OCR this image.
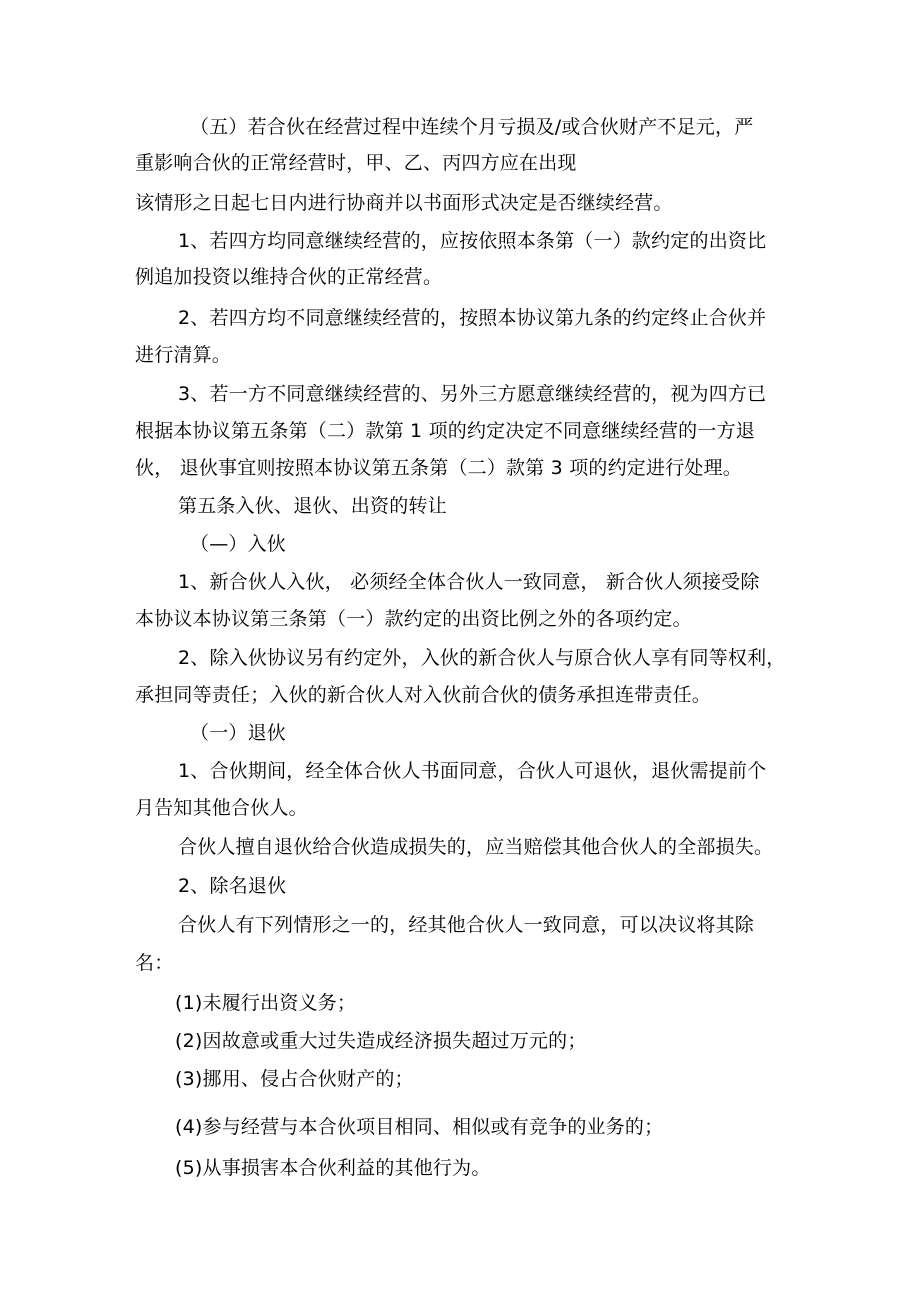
（五）若合伙在经营过程中连续个月亏损及/或合伙财产不足元，严
重影响合伙的正常经营时，甲、乙、丙四方应在出现
该情形之日起七日内进行协商并以书面形式决定是否继续经营。
1、若四方均同意继续经营的，应按依照本条第（一）款约定的出资比
例追加投资以维持合伙的正常经营。
2、若四方均不同意继续经营的，按照本协议第九条的约定终止合伙并
进行清算。
3、若一方不同意继续经营的、另外三方愿意继续经营的，视为四方已
根据本协议第五条第（二）款第 1 项的约定决定不同意继续经营的一方退
伙， 退伙事宜则按照本协议第五条第（二）款第 3 项的约定进行处理。
第五条入伙、退伙、出资的转让
（—）入伙
1、新合伙人入伙， 必须经全体合伙人一致同意， 新合伙人须接受除
本协议本协议第三条第（一）款约定的出资比例之外的各项约定。
2、除入伙协议另有约定外，入伙的新合伙人与原合伙人享有同等权利，
承担同等责任；入伙的新合伙人对入伙前合伙的债务承担连带责任。
（一）退伙
1、合伙期间，经全体合伙人书面同意，合伙人可退伙，退伙需提前个
月告知其他合伙人。
合伙人擅自退伙给合伙造成损失的，应当赔偿其他合伙人的全部损失。
2、除名退伙
合伙人有下列情形之一的，经其他合伙人一致同意，可以决议将其除
名：
(1)未履行出资义务；
(2)因故意或重大过失造成经济损失超过万元的；
(3)挪用、侵占合伙财产的；
(4)参与经营与本合伙项目相同、相似或有竞争的业务的；
(5)从事损害本合伙利益的其他行为。
